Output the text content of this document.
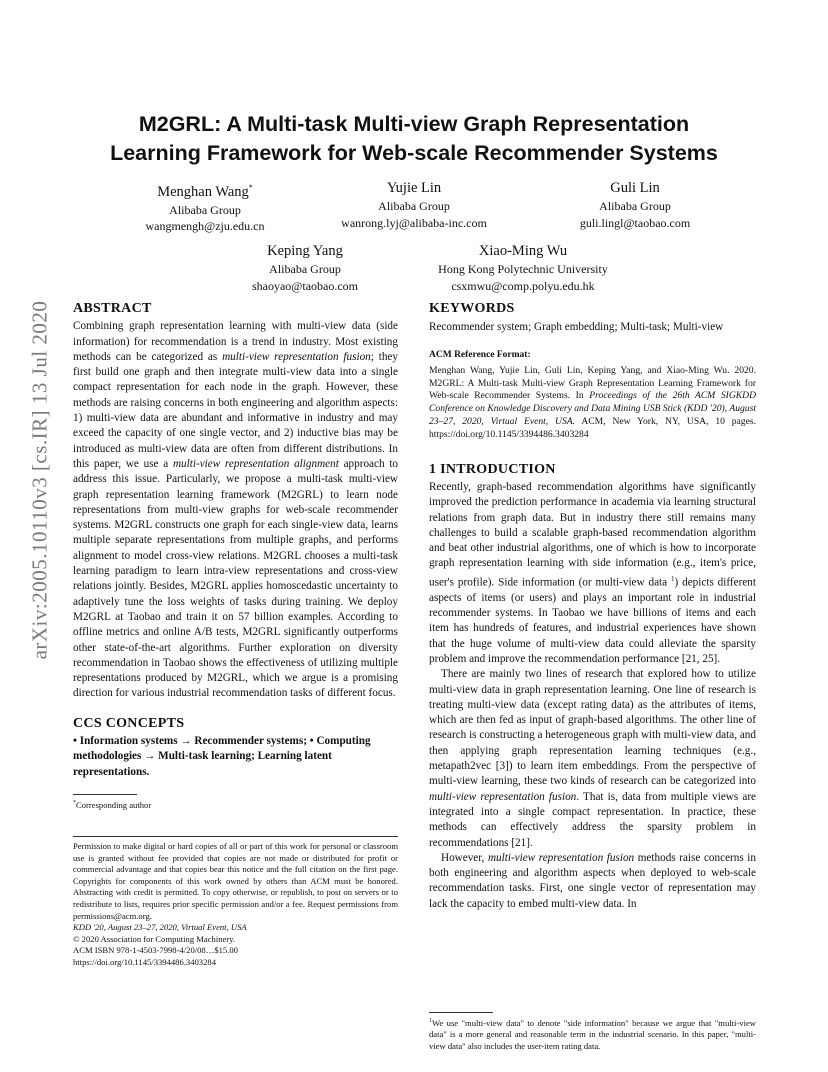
arXiv:2005.10110v3 [cs.IR] 13 Jul 2020
M2GRL: A Multi-task Multi-view Graph Representation
Learning Framework for Web-scale Recommender Systems
Menghan Wang*
Alibaba Group
wangmengh@zju.edu.cn
Yujie Lin
Alibaba Group
wanrong.lyj@alibaba-inc.com
Guli Lin
Alibaba Group
guli.lingl@taobao.com
Keping Yang
Alibaba Group
shaoyao@taobao.com
Xiao-Ming Wu
Hong Kong Polytechnic University
csxmwu@comp.polyu.edu.hk
ABSTRACT

Combining graph representation learning with multi-view data (side information) for recommendation is a trend in industry. Most existing methods can be categorized as multi-view representation fusion; they first build one graph and then integrate multi-view data into a single compact representation for each node in the graph. However, these methods are raising concerns in both engineering and algorithm aspects: 1) multi-view data are abundant and informative in industry and may exceed the capacity of one single vector, and 2) inductive bias may be introduced as multi-view data are often from different distributions. In this paper, we use a multi-view representation alignment approach to address this issue. Particularly, we propose a multi-task multi-view graph representation learning framework (M2GRL) to learn node representations from multi-view graphs for web-scale recommender systems. M2GRL constructs one graph for each single-view data, learns multiple separate representations from multiple graphs, and performs alignment to model cross-view relations. M2GRL chooses a multi-task learning paradigm to learn intra-view representations and cross-view relations jointly. Besides, M2GRL applies homoscedastic uncertainty to adaptively tune the loss weights of tasks during training. We deploy M2GRL at Taobao and train it on 57 billion examples. According to offline metrics and online A/B tests, M2GRL significantly outperforms other state-of-the-art algorithms. Further exploration on diversity recommendation in Taobao shows the effectiveness of utilizing multiple representations produced by M2GRL, which we argue is a promising direction for various industrial recommendation tasks of different focus.

CCS CONCEPTS

• Information systems → Recommender systems; • Computing methodologies → Multi-task learning; Learning latent representations.

*Corresponding author
Permission to make digital or hard copies of all or part of this work for personal or classroom use is granted without fee provided that copies are not made or distributed for profit or commercial advantage and that copies bear this notice and the full citation on the first page. Copyrights for components of this work owned by others than ACM must be honored. Abstracting with credit is permitted. To copy otherwise, or republish, to post on servers or to redistribute to lists, requires prior specific permission and/or a fee. Request permissions from permissions@acm.org.
KDD '20, August 23–27, 2020, Virtual Event, USA
© 2020 Association for Computing Machinery.
ACM ISBN 978-1-4503-7998-4/20/08…$15.00
https://doi.org/10.1145/3394486.3403284
KEYWORDS

Recommender system; Graph embedding; Multi-task; Multi-view

ACM Reference Format:

Menghan Wang, Yujie Lin, Guli Lin, Keping Yang, and Xiao-Ming Wu. 2020. M2GRL: A Multi-task Multi-view Graph Representation Learning Framework for Web-scale Recommender Systems. In Proceedings of the 26th ACM SIGKDD Conference on Knowledge Discovery and Data Mining USB Stick (KDD '20), August 23–27, 2020, Virtual Event, USA. ACM, New York, NY, USA, 10 pages. https://doi.org/10.1145/3394486.3403284

1 INTRODUCTION

Recently, graph-based recommendation algorithms have significantly improved the prediction performance in academia via learning structural relations from graph data. But in industry there still remains many challenges to build a scalable graph-based recommendation algorithm and beat other industrial algorithms, one of which is how to incorporate graph representation learning with side information (e.g., item's price, user's profile). Side information (or multi-view data $^1$) depicts different aspects of items (or users) and plays an important role in industrial recommender systems. In Taobao we have billions of items and each item has hundreds of features, and industrial experiences have shown that the huge volume of multi-view data could alleviate the sparsity problem and improve the recommendation performance [21, 25].

There are mainly two lines of research that explored how to utilize multi-view data in graph representation learning. One line of research is treating multi-view data (except rating data) as the attributes of items, which are then fed as input of graph-based algorithms. The other line of research is constructing a heterogeneous graph with multi-view data, and then applying graph representation learning techniques (e.g., metapath2vec [3]) to learn item embeddings. From the perspective of multi-view learning, these two kinds of research can be categorized into multi-view representation fusion. That is, data from multiple views are integrated into a single compact representation. In practice, these methods can effectively address the sparsity problem in recommendations [21].

However, multi-view representation fusion methods raise concerns in both engineering and algorithm aspects when deployed to web-scale recommendation tasks. First, one single vector of representation may lack the capacity to embed multi-view data. In

$^1$We use "multi-view data" to denote "side information" because we argue that "multi-view data" is a more general and reasonable term in the industrial scenario. In this paper, "multi-view data" also includes the user-item rating data.
